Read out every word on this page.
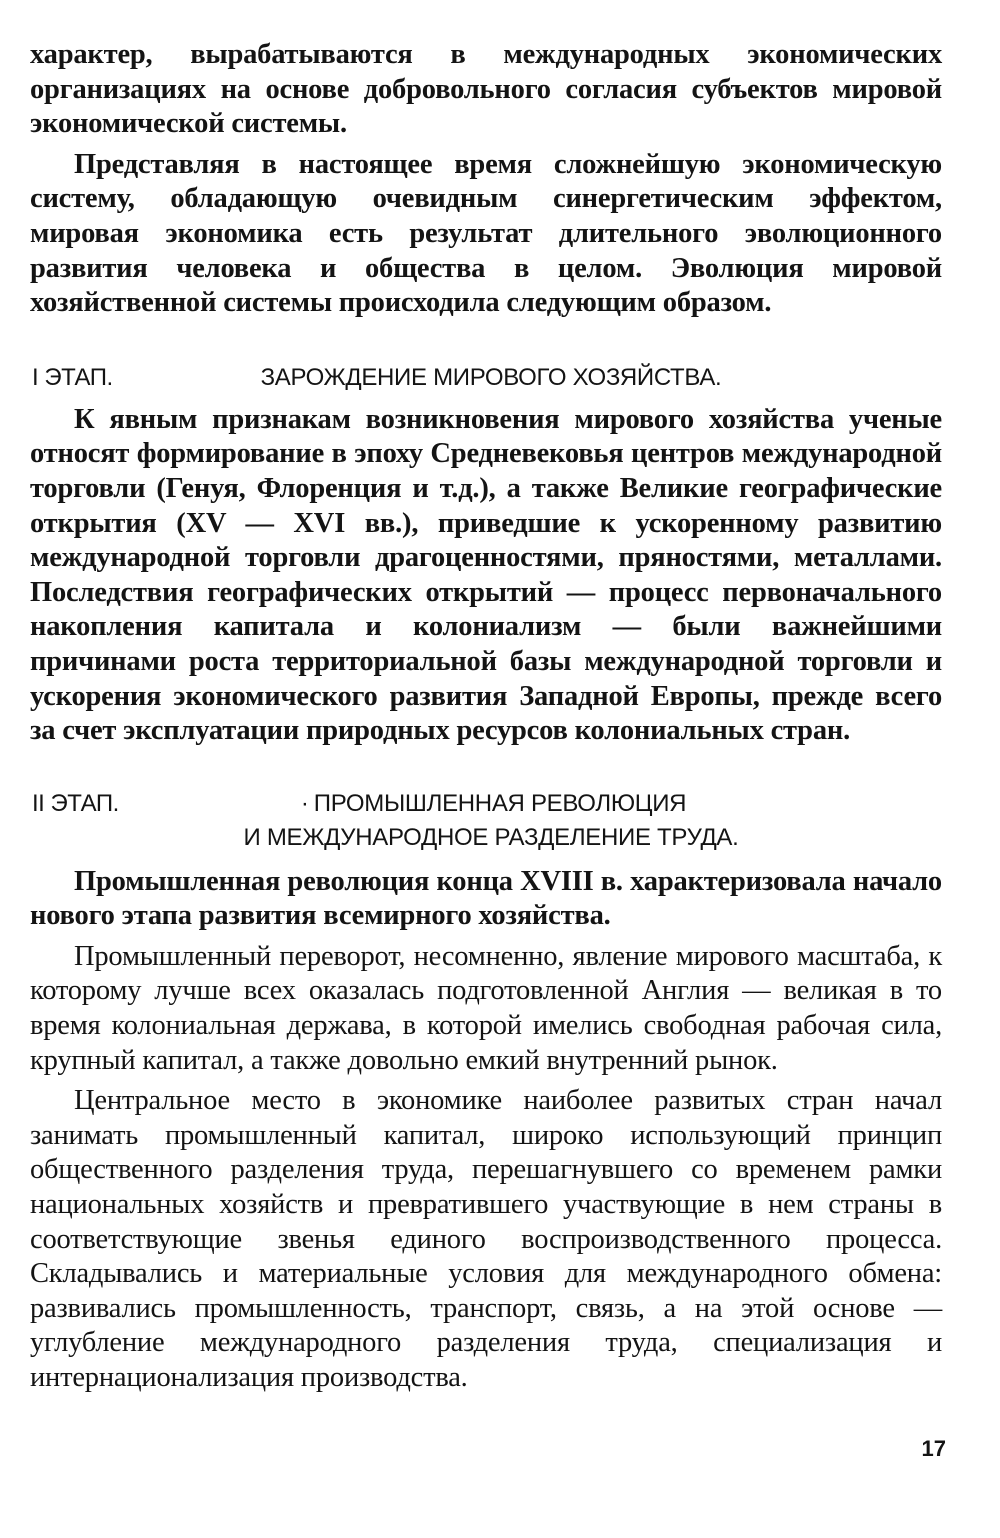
характер, вырабатываются в международных экономических организациях на основе добровольного согласия субъектов мировой экономической системы.

Представляя в настоящее время сложнейшую экономическую систему, обладающую очевидным синергетическим эффектом, мировая экономика есть результат длительного эволюционного развития человека и общества в целом. Эволюция мировой хозяйственной системы происходила следующим образом.

I ЭТАП.	ЗАРОЖДЕНИЕ МИРОВОГО ХОЗЯЙСТВА.

К явным признакам возникновения мирового хозяйства ученые относят формирование в эпоху Средневековья центров международной торговли (Генуя, Флоренция и т.д.), а также Великие географические открытия (XV — XVI вв.), приведшие к ускоренному развитию международной торговли драгоценностями, пряностями, металлами. Последствия географических открытий — процесс первоначального накопления капитала и колониализм — были важнейшими причинами роста территориальной базы международной торговли и ускорения экономического развития Западной Европы, прежде всего за счет эксплуатации природных ресурсов колониальных стран.

II ЭТАП.	· ПРОМЫШЛЕННАЯ РЕВОЛЮЦИЯ
И МЕЖДУНАРОДНОЕ РАЗДЕЛЕНИЕ ТРУДА.

Промышленная революция конца XVIII в. характеризовала начало нового этапа развития всемирного хозяйства.

Промышленный переворот, несомненно, явление мирового масштаба, к которому лучше всех оказалась подготовленной Англия — великая в то время колониальная держава, в которой имелись свободная рабочая сила, крупный капитал, а также довольно емкий внутренний рынок.

Центральное место в экономике наиболее развитых стран начал занимать промышленный капитал, широко использующий принцип общественного разделения труда, перешагнувшего со временем рамки национальных хозяйств и превратившего участвующие в нем страны в соответствующие звенья единого воспроизводственного процесса. Складывались и материальные условия для международного обмена: развивались промышленность, транспорт, связь, а на этой основе — углубление международного разделения труда, специализация и интернационализация производства.

17
